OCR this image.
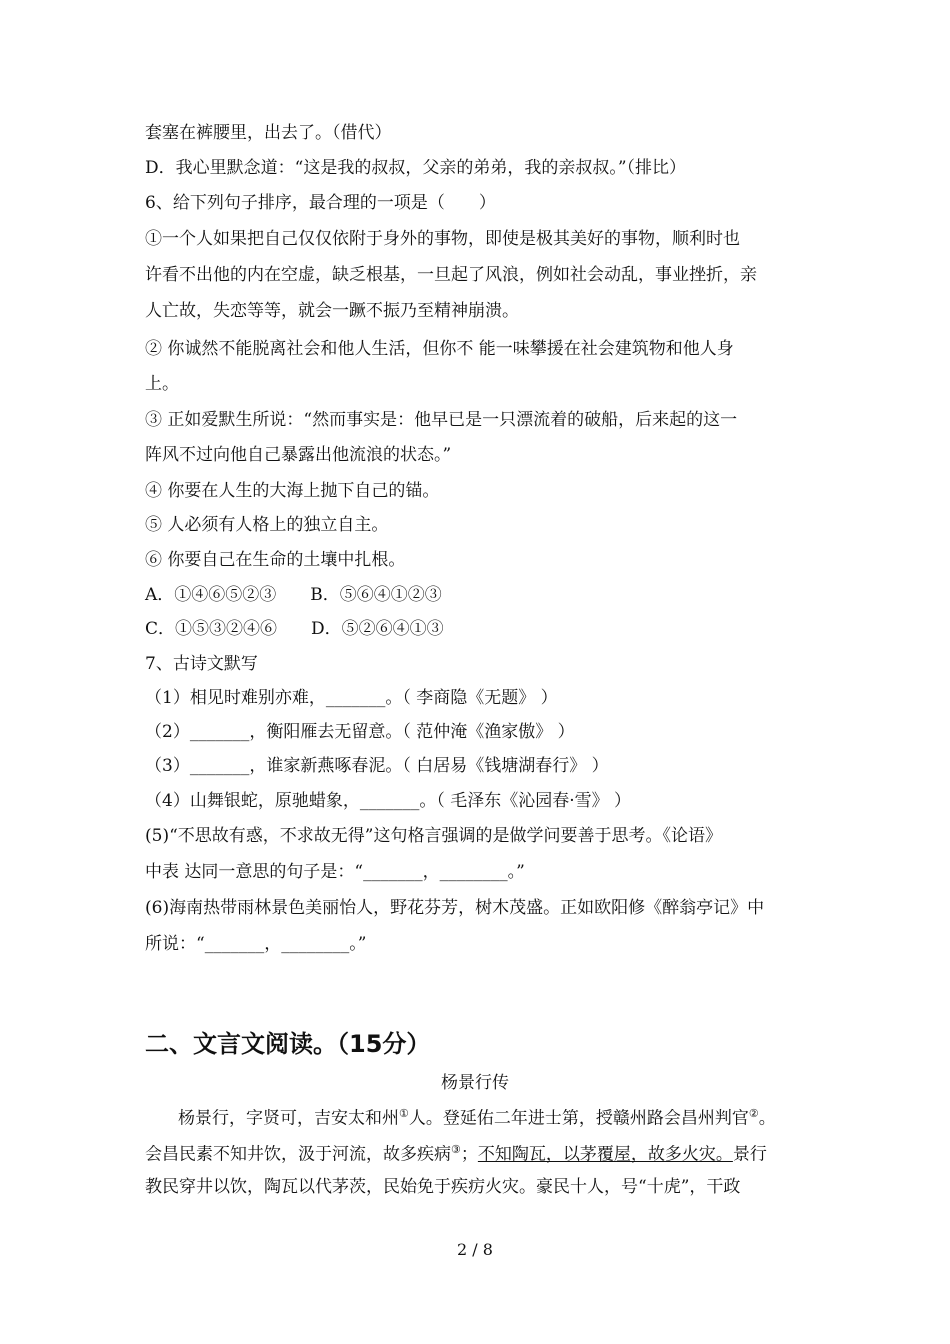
套塞在裤腰里，出去了。（借代）
D．我心里默念道：“这是我的叔叔，父亲的弟弟，我的亲叔叔。”（排比）
6、给下列句子排序，最合理的一项是（　　）
①一个人如果把自己仅仅依附于身外的事物，即使是极其美好的事物，顺利时也
许看不出他的内在空虚，缺乏根基，一旦起了风浪，例如社会动乱，事业挫折，亲
人亡故，失恋等等，就会一蹶不振乃至精神崩溃。
② 你诚然不能脱离社会和他人生活，但你不 能一味攀援在社会建筑物和他人身
上。
③ 正如爱默生所说：“然而事实是：他早已是一只漂流着的破船，后来起的这一
阵风不过向他自己暴露出他流浪的状态。”
④ 你要在人生的大海上抛下自己的锚。
⑤ 人必须有人格上的独立自主。
⑥ 你要自己在生命的土壤中扎根。
A．①④⑥⑤②③　　B．⑤⑥④①②③
C．①⑤③②④⑥　　D．⑤②⑥④①③
7、古诗文默写
（1）相见时难别亦难，_______。（ 李商隐《无题》 ）
（2）_______，衡阳雁去无留意。（ 范仲淹《渔家傲》 ）
（3）_______，谁家新燕啄春泥。（ 白居易《钱塘湖春行》 ）
（4）山舞银蛇，原驰蜡象，_______。（ 毛泽东《沁园春·雪》 ）
(5)“不思故有惑，不求故无得”这句格言强调的是做学问要善于思考。《论语》
中表 达同一意思的句子是：“_______，________。”
(6)海南热带雨林景色美丽怡人，野花芬芳，树木茂盛。正如欧阳修《醉翁亭记》中
所说：“_______，________。”
二、文言文阅读。（15分）
杨景行传
杨景行，字贤可，吉安太和州①人。登延佑二年进士第，授赣州路会昌州判官②。
会昌民素不知井饮，汲于河流，故多疾病③；不知陶瓦，以茅覆屋，故多火灾。景行
教民穿井以饮，陶瓦以代茅茨，民始免于疾疠火灾。豪民十人，号“十虎”，干政
2 / 8
